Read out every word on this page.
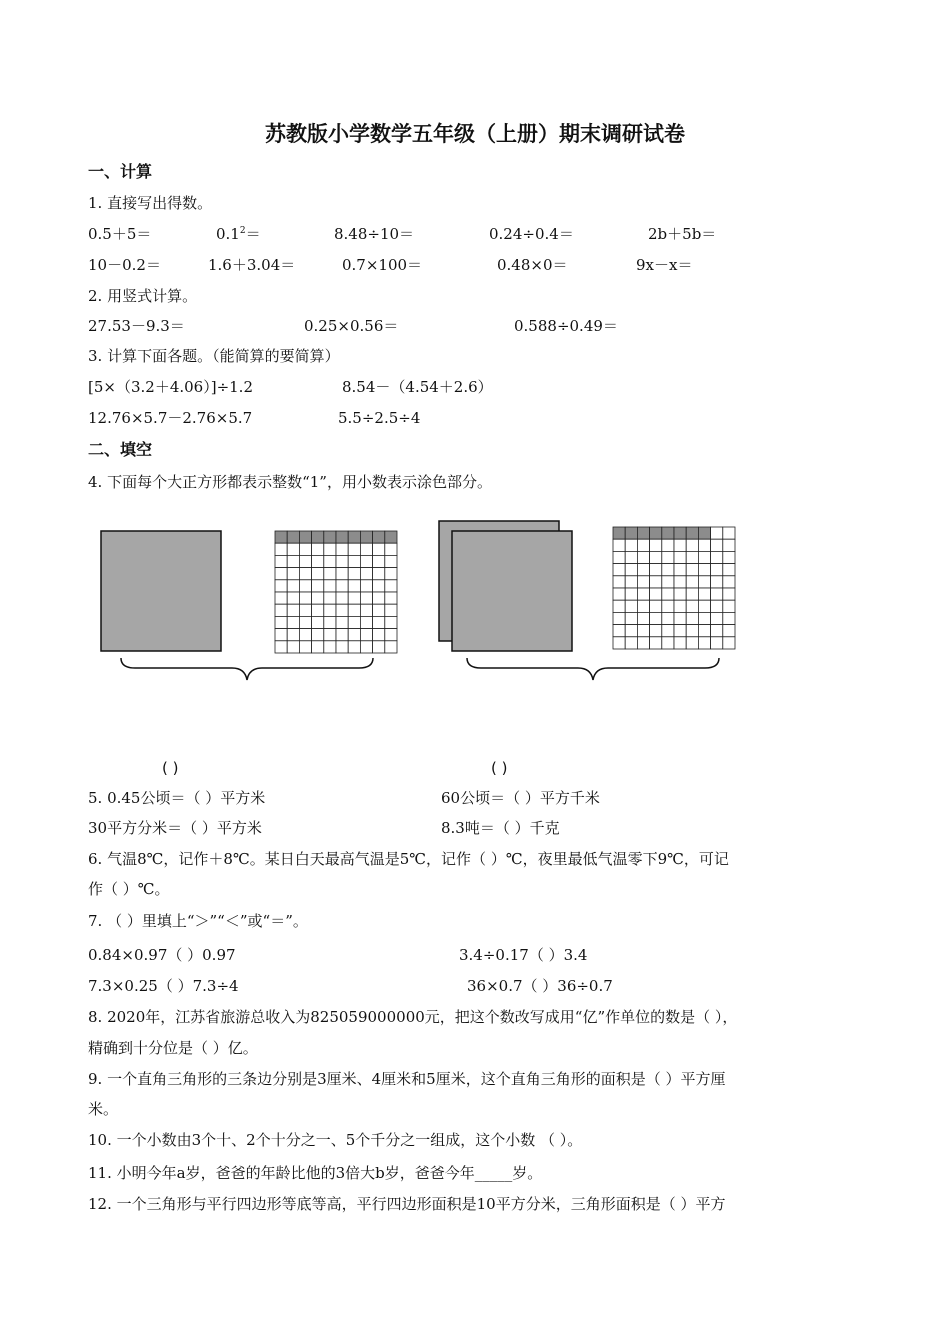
苏教版小学数学五年级（上册）期末调研试卷
一、计算
1. 直接写出得数。
0.5＋5＝	$0.1^2=$	8.48÷10＝	0.24÷0.4＝	2b＋5b＝
10－0.2＝	1.6＋3.04＝	0.7×100＝	0.48×0＝	9x－x＝
2. 用竖式计算。
27.53－9.3＝	0.25×0.56＝	0.588÷0.49＝
3. 计算下面各题。（能简算的要简算）
[5×（3.2＋4.06）]÷1.2	8.54－（4.54＋2.6）
12.76×5.7－2.76×5.7	5.5÷2.5÷4
二、填空
4. 下面每个大正方形都表示整数“1”，用小数表示涂色部分。
( )	( )
5. 0.45公顷＝（ ）平方米	60公顷＝（ ）平方千米
30平方分米＝（ ）平方米	8.3吨＝（ ）千克
6. 气温8℃，记作＋8℃。某日白天最高气温是5℃，记作（ ）℃，夜里最低气温零下9℃，可记
作（ ）℃。
7. （ ）里填上“＞”“＜”或“＝”。
0.84×0.97（ ）0.97	3.4÷0.17（ ）3.4
7.3×0.25（ ）7.3÷4	36×0.7（ ）36÷0.7
8. 2020年，江苏省旅游总收入为825059000000元，把这个数改写成用“亿”作单位的数是（ ），
精确到十分位是（ ）亿。
9. 一个直角三角形的三条边分别是3厘米、4厘米和5厘米，这个直角三角形的面积是（ ）平方厘
米。
10. 一个小数由3个十、2个十分之一、5个千分之一组成，这个小数 （ ）。
11. 小明今年a岁，爸爸的年龄比他的3倍大b岁，爸爸今年_____岁。
12. 一个三角形与平行四边形等底等高，平行四边形面积是10平方分米，三角形面积是（ ）平方
